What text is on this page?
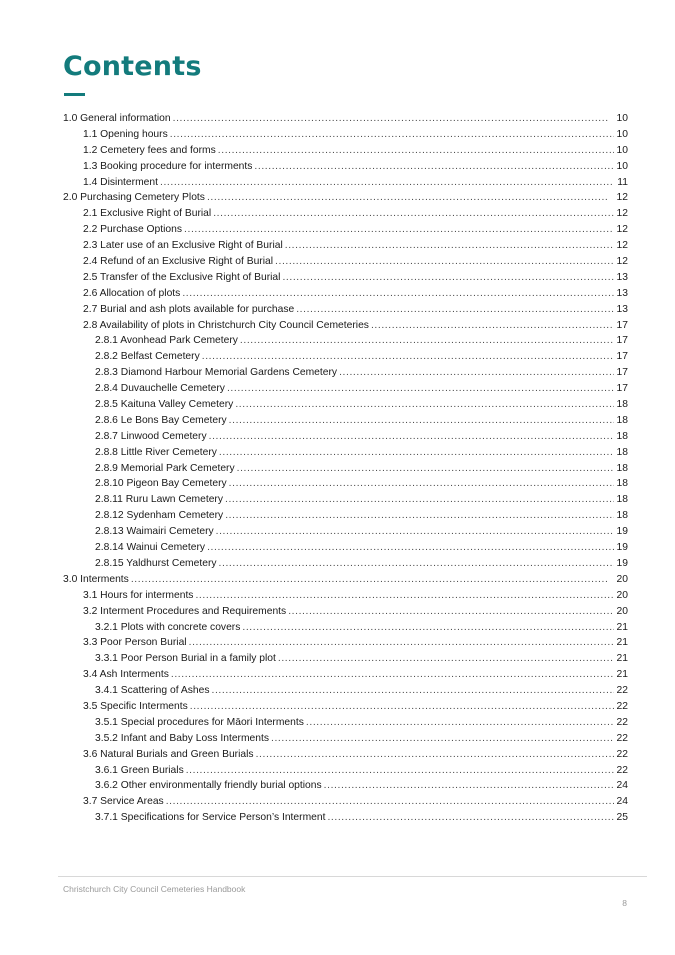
Contents
1.0 General information .....	10
1.1 Opening hours .....	10
1.2 Cemetery fees and forms .....	10
1.3 Booking procedure for interments .....	10
1.4 Disinterment .....	11
2.0 Purchasing Cemetery Plots .....	12
2.1 Exclusive Right of Burial .....	12
2.2 Purchase Options .....	12
2.3 Later use of an Exclusive Right of Burial .....	12
2.4 Refund of an Exclusive Right of Burial .....	12
2.5 Transfer of the Exclusive Right of Burial .....	13
2.6 Allocation of plots .....	13
2.7 Burial and ash plots available for purchase .....	13
2.8 Availability of plots in Christchurch City Council Cemeteries .....	17
2.8.1 Avonhead Park Cemetery .....	17
2.8.2 Belfast Cemetery .....	17
2.8.3 Diamond Harbour Memorial Gardens Cemetery .....	17
2.8.4 Duvauchelle Cemetery .....	17
2.8.5 Kaituna Valley Cemetery .....	18
2.8.6 Le Bons Bay Cemetery .....	18
2.8.7 Linwood Cemetery .....	18
2.8.8 Little River Cemetery .....	18
2.8.9 Memorial Park Cemetery .....	18
2.8.10 Pigeon Bay Cemetery .....	18
2.8.11 Ruru Lawn Cemetery .....	18
2.8.12 Sydenham Cemetery .....	18
2.8.13 Waimairi Cemetery .....	19
2.8.14 Wainui Cemetery .....	19
2.8.15 Yaldhurst Cemetery .....	19
3.0 Interments .....	20
3.1 Hours for interments .....	20
3.2 Interment Procedures and Requirements .....	20
3.2.1 Plots with concrete covers .....	21
3.3 Poor Person Burial .....	21
3.3.1 Poor Person Burial in a family plot .....	21
3.4 Ash Interments .....	21
3.4.1 Scattering of Ashes .....	22
3.5 Specific Interments .....	22
3.5.1 Special procedures for Māori Interments .....	22
3.5.2 Infant and Baby Loss Interments .....	22
3.6 Natural Burials and Green Burials .....	22
3.6.1 Green Burials .....	22
3.6.2 Other environmentally friendly burial options .....	24
3.7 Service Areas .....	24
3.7.1 Specifications for Service Person’s Interment .....	25
Christchurch City Council Cemeteries Handbook
8
